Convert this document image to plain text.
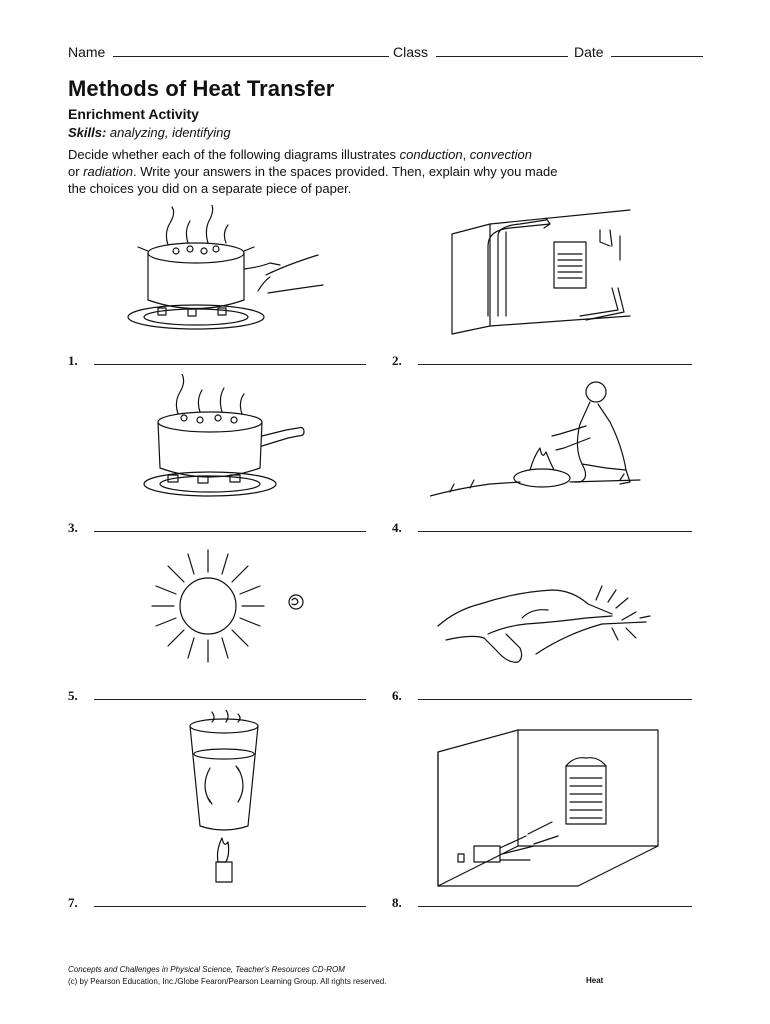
Name	Class	Date
Methods of Heat Transfer
Enrichment Activity
Skills: analyzing, identifying
Decide whether each of the following diagrams illustrates conduction, convection
or radiation. Write your answers in the spaces provided. Then, explain why you made the choices you did on a separate piece of paper.
1.	2.
3.	4.
5.	6.
7.	8.
Concepts and Challenges in Physical Science, Teacher's Resources CD-ROM
(c) by Pearson Education, Inc./Globe Fearon/Pearson Learning Group. All rights reserved.	Heat
